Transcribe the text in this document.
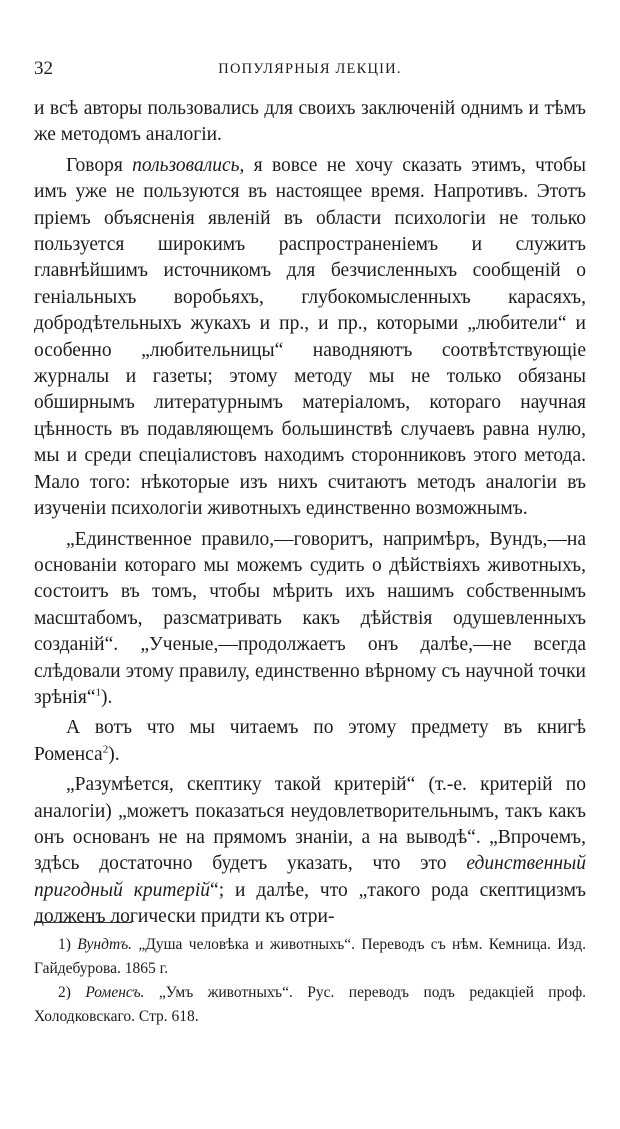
32	ПОПУЛЯРНЫЯ ЛЕКЦIИ.

и всѣ авторы пользовались для своихъ заключенiй однимъ и тѣмъ же методомъ аналогiи.

Говоря пользовались, я вовсе не хочу сказать этимъ, чтобы имъ уже не пользуются въ настоящее время. Напротивъ. Этотъ прiемъ объясненiя явленiй въ области психологiи не только пользуется широкимъ распространенiемъ и служитъ главнѣйшимъ источникомъ для безчисленныхъ сообщенiй о генiальныхъ воробьяхъ, глубокомысленныхъ карасяхъ, добродѣтельныхъ жукахъ и пр., и пр., которыми „любители“ и особенно „любительницы“ наводняютъ соотвѣтствующiе журналы и газеты; этому методу мы не только обязаны обширнымъ литературнымъ матерiаломъ, котораго научная цѣнность въ подавляющемъ большинствѣ случаевъ равна нулю, мы и среди спецiалистовъ находимъ сторонниковъ этого метода. Мало того: нѣкоторые изъ нихъ считаютъ методъ аналогiи въ изученiи психологiи животныхъ единственно возможнымъ.

„Единственное правило,—говоритъ, напримѣръ, Вундъ,—на основанiи котораго мы можемъ судить о дѣйствiяхъ животныхъ, состоитъ въ томъ, чтобы мѣрить ихъ нашимъ собственнымъ масштабомъ, разсматривать какъ дѣйствiя одушевленныхъ созданiй“. „Ученые,—продолжаетъ онъ далѣе,—не всегда слѣдовали этому правилу, единственно вѣрному съ научной точки зрѣнiя“$^1$).

А вотъ что мы читаемъ по этому предмету въ книгѣ Роменса$^2$).

„Разумѣется, скептику такой критерiй“ (т.-е. критерiй по аналогiи) „можетъ показаться неудовлетворительнымъ, такъ какъ онъ основанъ не на прямомъ знанiи, а на выводѣ“. „Впрочемъ, здѣсь достаточно будетъ указать, что это единственный пригодный критерiй“; и далѣе, что „такого рода скептицизмъ долженъ логически придти къ отри-

1) Вундтъ. „Душа человѣка и животныхъ“. Переводъ съ нѣм. Кемница. Изд. Гайдебурова. 1865 г.

2) Роменсъ. „Умъ животныхъ“. Рус. переводъ подъ редакцiей проф. Холодковскаго. Стр. 618.
